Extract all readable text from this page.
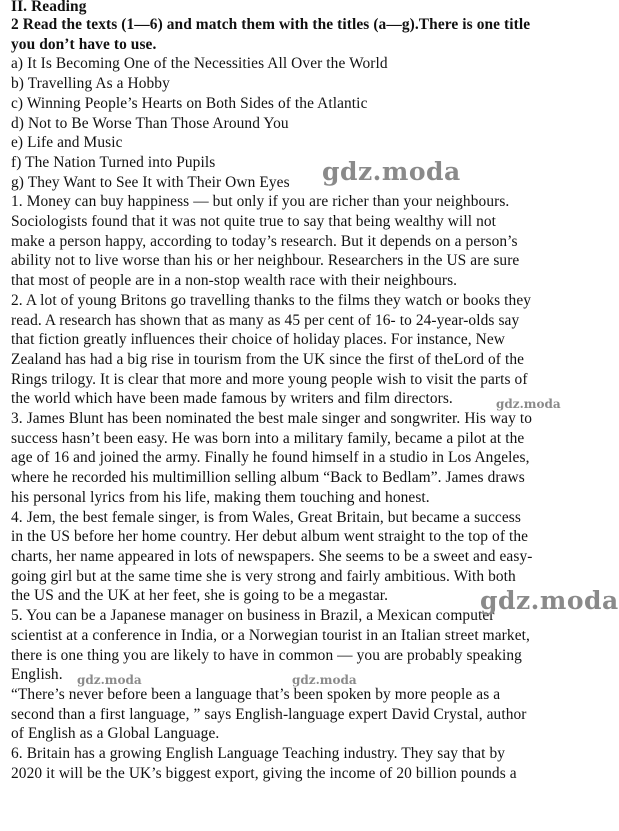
II. Reading
2 Read the texts (1—6) and match them with the titles (a—g).There is one title
you don’t have to use.
a) It Is Becoming One of the Necessities All Over the World
b) Travelling As a Hobby
c) Winning People’s Hearts on Both Sides of the Atlantic
d) Not to Be Worse Than Those Around You
e) Life and Music
f) The Nation Turned into Pupils
g) They Want to See It with Their Own Eyes
1. Money can buy happiness — but only if you are richer than your neighbours.
Sociologists found that it was not quite true to say that being wealthy will not
make a person happy, according to today’s research. But it depends on a person’s
ability not to live worse than his or her neighbour. Researchers in the US are sure
that most of people are in a non-stop wealth race with their neighbours.
2. A lot of young Britons go travelling thanks to the films they watch or books they
read. A research has shown that as many as 45 per cent of 16- to 24-year-olds say
that fiction greatly influences their choice of holiday places. For instance, New
Zealand has had a big rise in tourism from the UK since the first of theLord of the
Rings trilogy. It is clear that more and more young people wish to visit the parts of
the world which have been made famous by writers and film directors.
3. James Blunt has been nominated the best male singer and songwriter. His way to
success hasn’t been easy. He was born into a military family, became a pilot at the
age of 16 and joined the army. Finally he found himself in a studio in Los Angeles,
where he recorded his multimillion selling album “Back to Bedlam”. James draws
his personal lyrics from his life, making them touching and honest.
4. Jem, the best female singer, is from Wales, Great Britain, but became a success
in the US before her home country. Her debut album went straight to the top of the
charts, her name appeared in lots of newspapers. She seems to be a sweet and easy-
going girl but at the same time she is very strong and fairly ambitious. With both
the US and the UK at her feet, she is going to be a megastar.
5. You can be a Japanese manager on business in Brazil, a Mexican computer
scientist at a conference in India, or a Norwegian tourist in an Italian street market,
there is one thing you are likely to have in common — you are probably speaking
English.
“There’s never before been a language that’s been spoken by more people as a
second than a first language, ” says English-language expert David Crystal, author
of English as a Global Language.
6. Britain has a growing English Language Teaching industry. They say that by
2020 it will be the UK’s biggest export, giving the income of 20 billion pounds a
gdz.moda
gdz.moda
gdz.moda
gdz.moda	gdz.moda
